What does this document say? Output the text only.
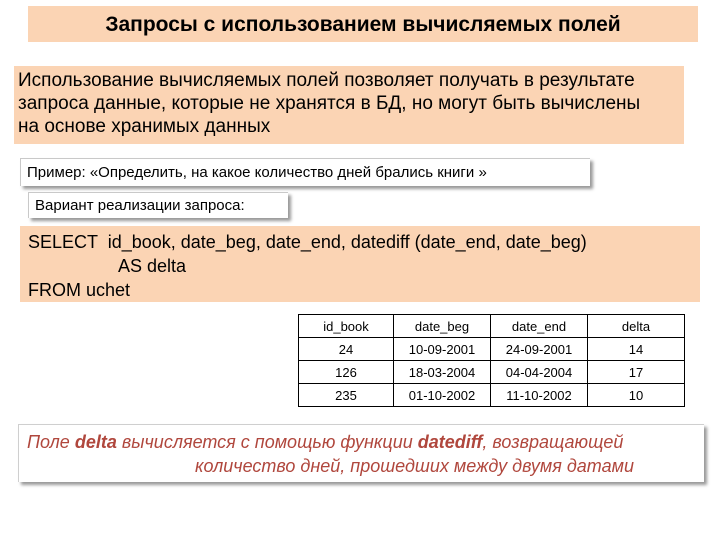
Запросы с использованием вычисляемых полей
Использование вычисляемых полей позволяет получать в результате
запроса данные, которые не хранятся в БД, но могут быть вычислены
на основе хранимых данных
Пример: «Определить, на какое количество дней брались книги »
Вариант реализации запроса:
SELECT  id_book, date_beg, date_end, datediff (date_end, date_beg)
AS delta
FROM uchet
id_book	date_beg	date_end	delta
24	10-09-2001	24-09-2001	14
126	18-03-2004	04-04-2004	17
235	01-10-2002	11-10-2002	10
Поле delta вычисляется с помощью функции datediff, возвращающей
количество дней, прошедших между двумя датами
